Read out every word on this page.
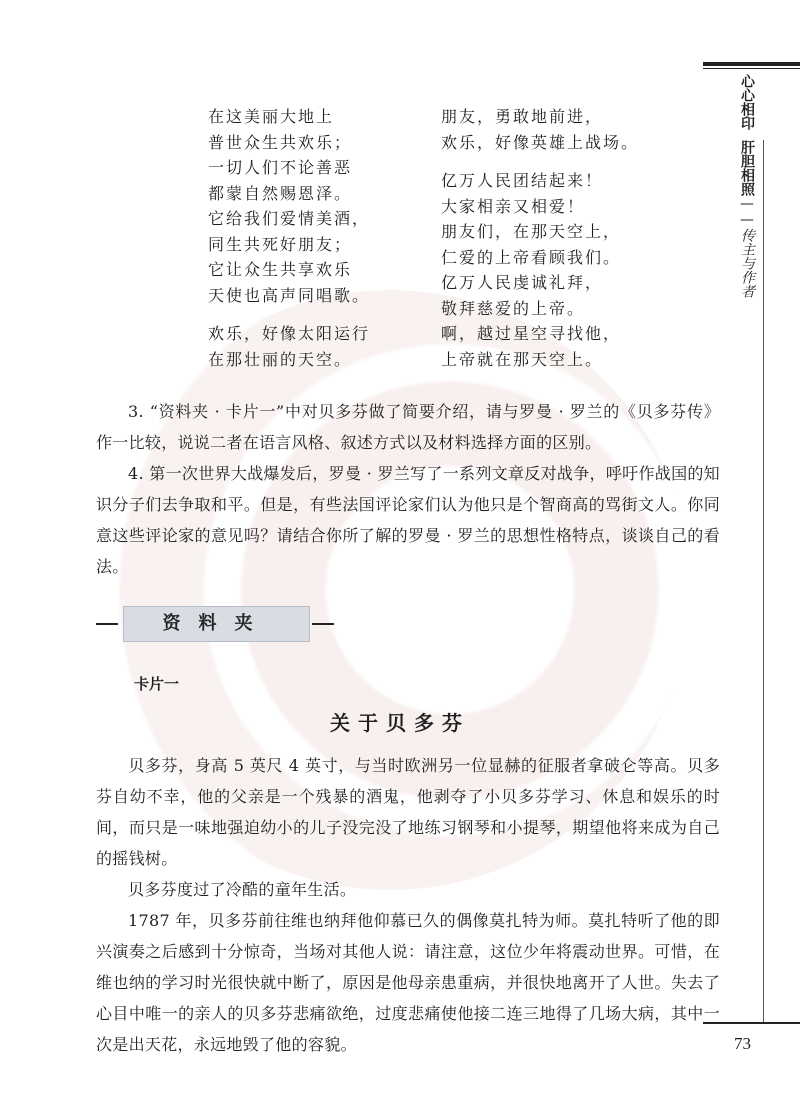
心心相印肝胆相照——传主与作者
73
在这美丽大地上
普世众生共欢乐；
一切人们不论善恶
都蒙自然赐恩泽。
它给我们爱情美酒，
同生共死好朋友；
它让众生共享欢乐
天使也高声同唱歌。
欢乐，好像太阳运行
在那壮丽的天空。
朋友，勇敢地前进，
欢乐，好像英雄上战场。
亿万人民团结起来！
大家相亲又相爱！
朋友们，在那天空上，
仁爱的上帝看顾我们。
亿万人民虔诚礼拜，
敬拜慈爱的上帝。
啊，越过星空寻找他，
上帝就在那天空上。
3. “资料夹 · 卡片一”中对贝多芬做了简要介绍，请与罗曼 · 罗兰的《贝多芬传》作一比较，说说二者在语言风格、叙述方式以及材料选择方面的区别。
4. 第一次世界大战爆发后，罗曼 · 罗兰写了一系列文章反对战争，呼吁作战国的知识分子们去争取和平。但是，有些法国评论家们认为他只是个智商高的骂街文人。你同意这些评论家的意见吗？请结合你所了解的罗曼 · 罗兰的思想性格特点，谈谈自己的看法。
资料夹
卡片一
关于贝多芬
贝多芬，身高 5 英尺 4 英寸，与当时欧洲另一位显赫的征服者拿破仑等高。贝多芬自幼不幸，他的父亲是一个残暴的酒鬼，他剥夺了小贝多芬学习、休息和娱乐的时间，而只是一味地强迫幼小的儿子没完没了地练习钢琴和小提琴，期望他将来成为自己的摇钱树。
贝多芬度过了冷酷的童年生活。
1787 年，贝多芬前往维也纳拜他仰慕已久的偶像莫扎特为师。莫扎特听了他的即兴演奏之后感到十分惊奇，当场对其他人说：请注意，这位少年将震动世界。可惜，在维也纳的学习时光很快就中断了，原因是他母亲患重病，并很快地离开了人世。失去了心目中唯一的亲人的贝多芬悲痛欲绝，过度悲痛使他接二连三地得了几场大病，其中一次是出天花，永远地毁了他的容貌。
